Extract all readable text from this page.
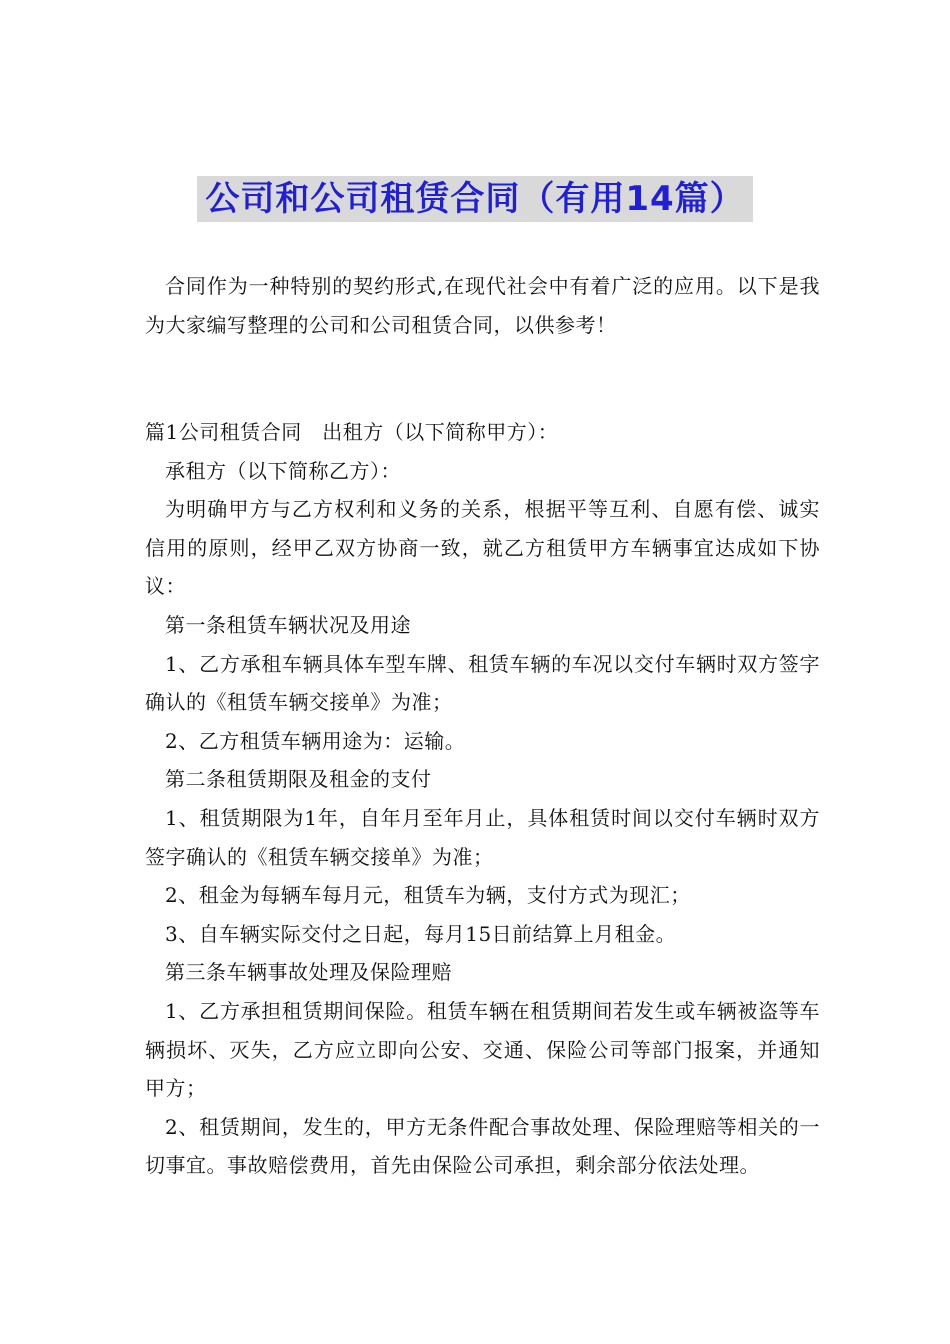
公司和公司租赁合同（有用14篇）

合同作为一种特别的契约形式,在现代社会中有着广泛的应用。以下是我为大家编写整理的公司和公司租赁合同，以供参考！

篇1公司租赁合同　出租方（以下简称甲方）：

承租方（以下简称乙方）：

为明确甲方与乙方权利和义务的关系，根据平等互利、自愿有偿、诚实信用的原则，经甲乙双方协商一致，就乙方租赁甲方车辆事宜达成如下协议：

第一条租赁车辆状况及用途

1、乙方承租车辆具体车型车牌、租赁车辆的车况以交付车辆时双方签字确认的《租赁车辆交接单》为准；

2、乙方租赁车辆用途为：运输。

第二条租赁期限及租金的支付

1、租赁期限为1年，自年月至年月止，具体租赁时间以交付车辆时双方签字确认的《租赁车辆交接单》为准；

2、租金为每辆车每月元，租赁车为辆，支付方式为现汇；

3、自车辆实际交付之日起，每月15日前结算上月租金。

第三条车辆事故处理及保险理赔

1、乙方承担租赁期间保险。租赁车辆在租赁期间若发生或车辆被盗等车辆损坏、灭失，乙方应立即向公安、交通、保险公司等部门报案，并通知甲方；

2、租赁期间，发生的，甲方无条件配合事故处理、保险理赔等相关的一切事宜。事故赔偿费用，首先由保险公司承担，剩余部分依法处理。
